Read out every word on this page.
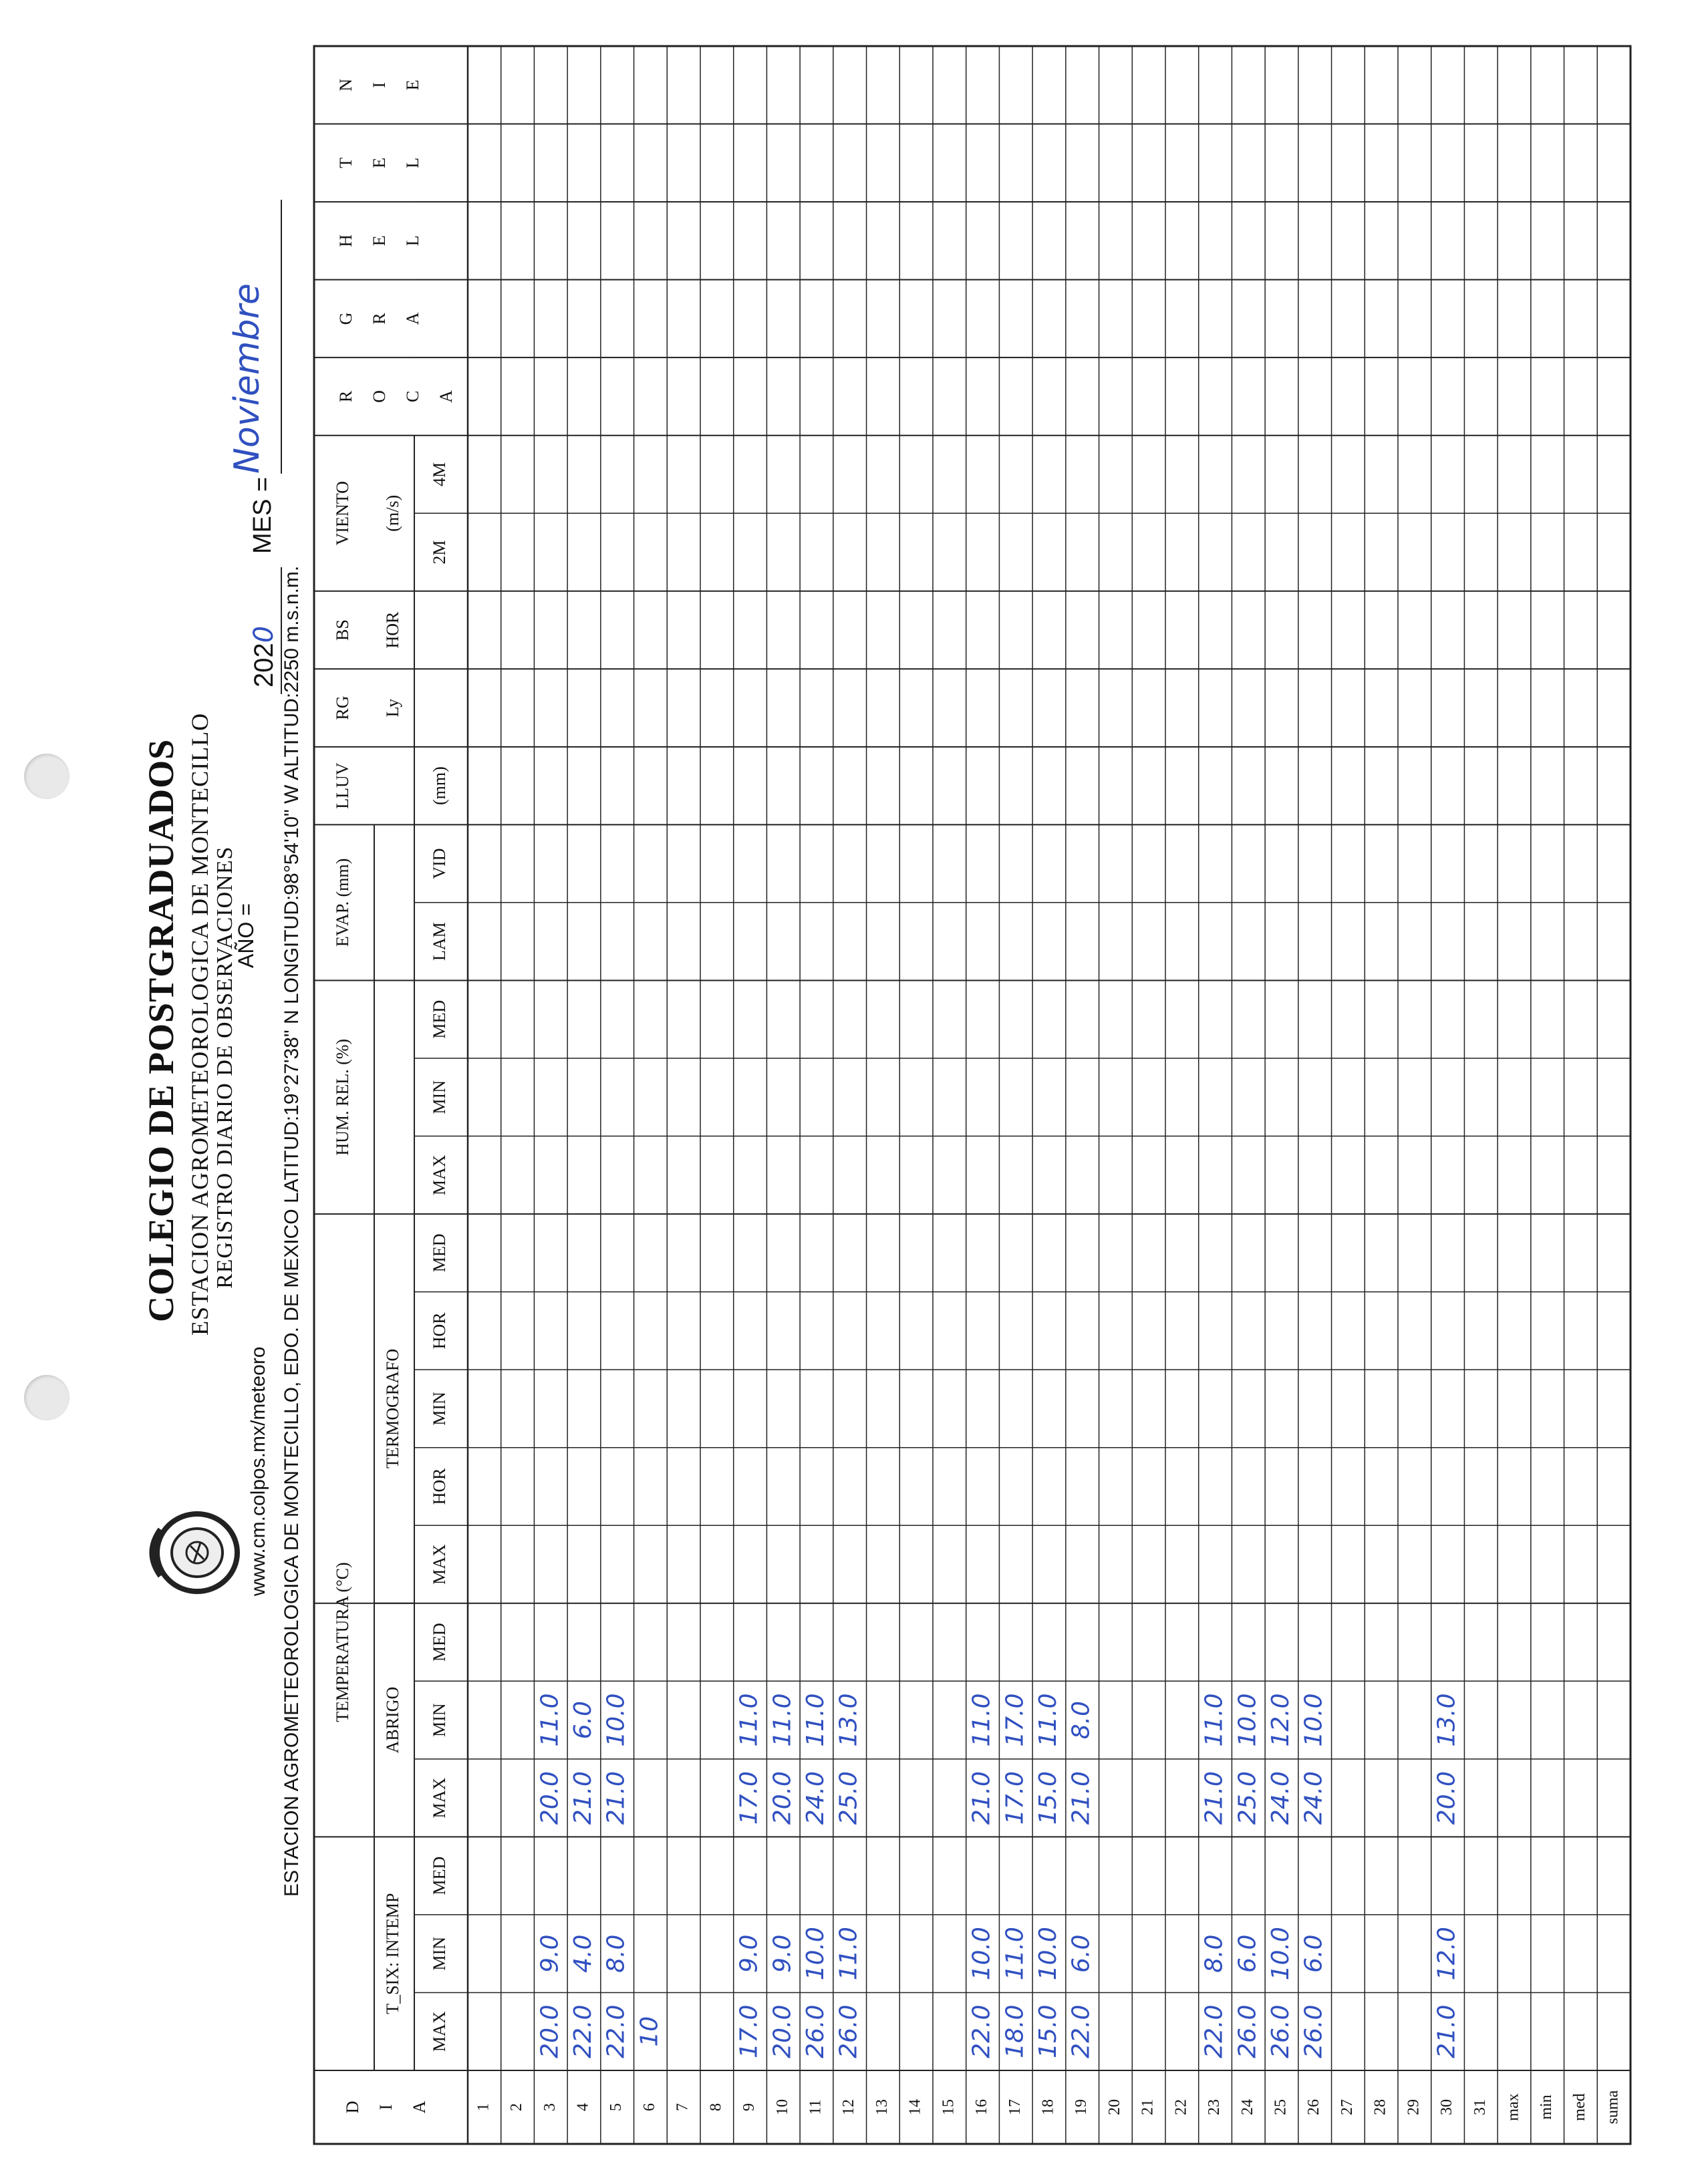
COLEGIO DE POSTGRADUADOS ESTACION AGROMETEOROLOGICA DE MONTECILLO REGISTRO DIARIO DE OBSERVACIONES
www.cm.colpos.mx/meteoro
AÑO =
2020
MES =
Noviembre
ESTACION AGROMETEOROLOGICA DE MONTECILLO, EDO. DE MEXICO LATITUD:19°27'38" N LONGITUD:98°54'10" W ALTITUD:2250 m.s.n.m.
D I A
TEMPERATURA (°C)
T_SIX: INTEMP
ABRIGO
TERMOGRAFO
HUM. REL. (%)
EVAP. (mm)
LLUV	(mm)
RG Ly
BS HOR
VIENTO (m/s)
R O C A
G R A
H E L
T E L
N I E
MAX
MIN
MED
MAX
MIN
MED
MAX
HOR
MIN
HOR
MED
MAX
MIN
MED
LAM
VID
2M
4M
1 2 3
20.0
9.0
20.0
11.0
4
22.0
4.0
21.0
6.0
5
22.0
8.0
21.0
10.0
6
10
7 8 9
17.0
9.0
17.0
11.0
10
20.0
9.0
20.0
11.0
11
26.0
10.0
24.0
11.0
12
26.0
11.0
25.0
13.0
13 14 15 16
22.0
10.0
21.0
11.0
17
18.0
11.0
17.0
17.0
18
15.0
10.0
15.0
11.0
19
22.0
6.0
21.0
8.0
20 21 22 23
22.0
8.0
21.0
11.0
24
26.0
6.0
25.0
10.0
25
26.0
10.0
24.0
12.0
26
26.0
6.0
24.0
10.0
27 28 29 30
21.0
12.0
20.0
13.0
31 max min med suma
